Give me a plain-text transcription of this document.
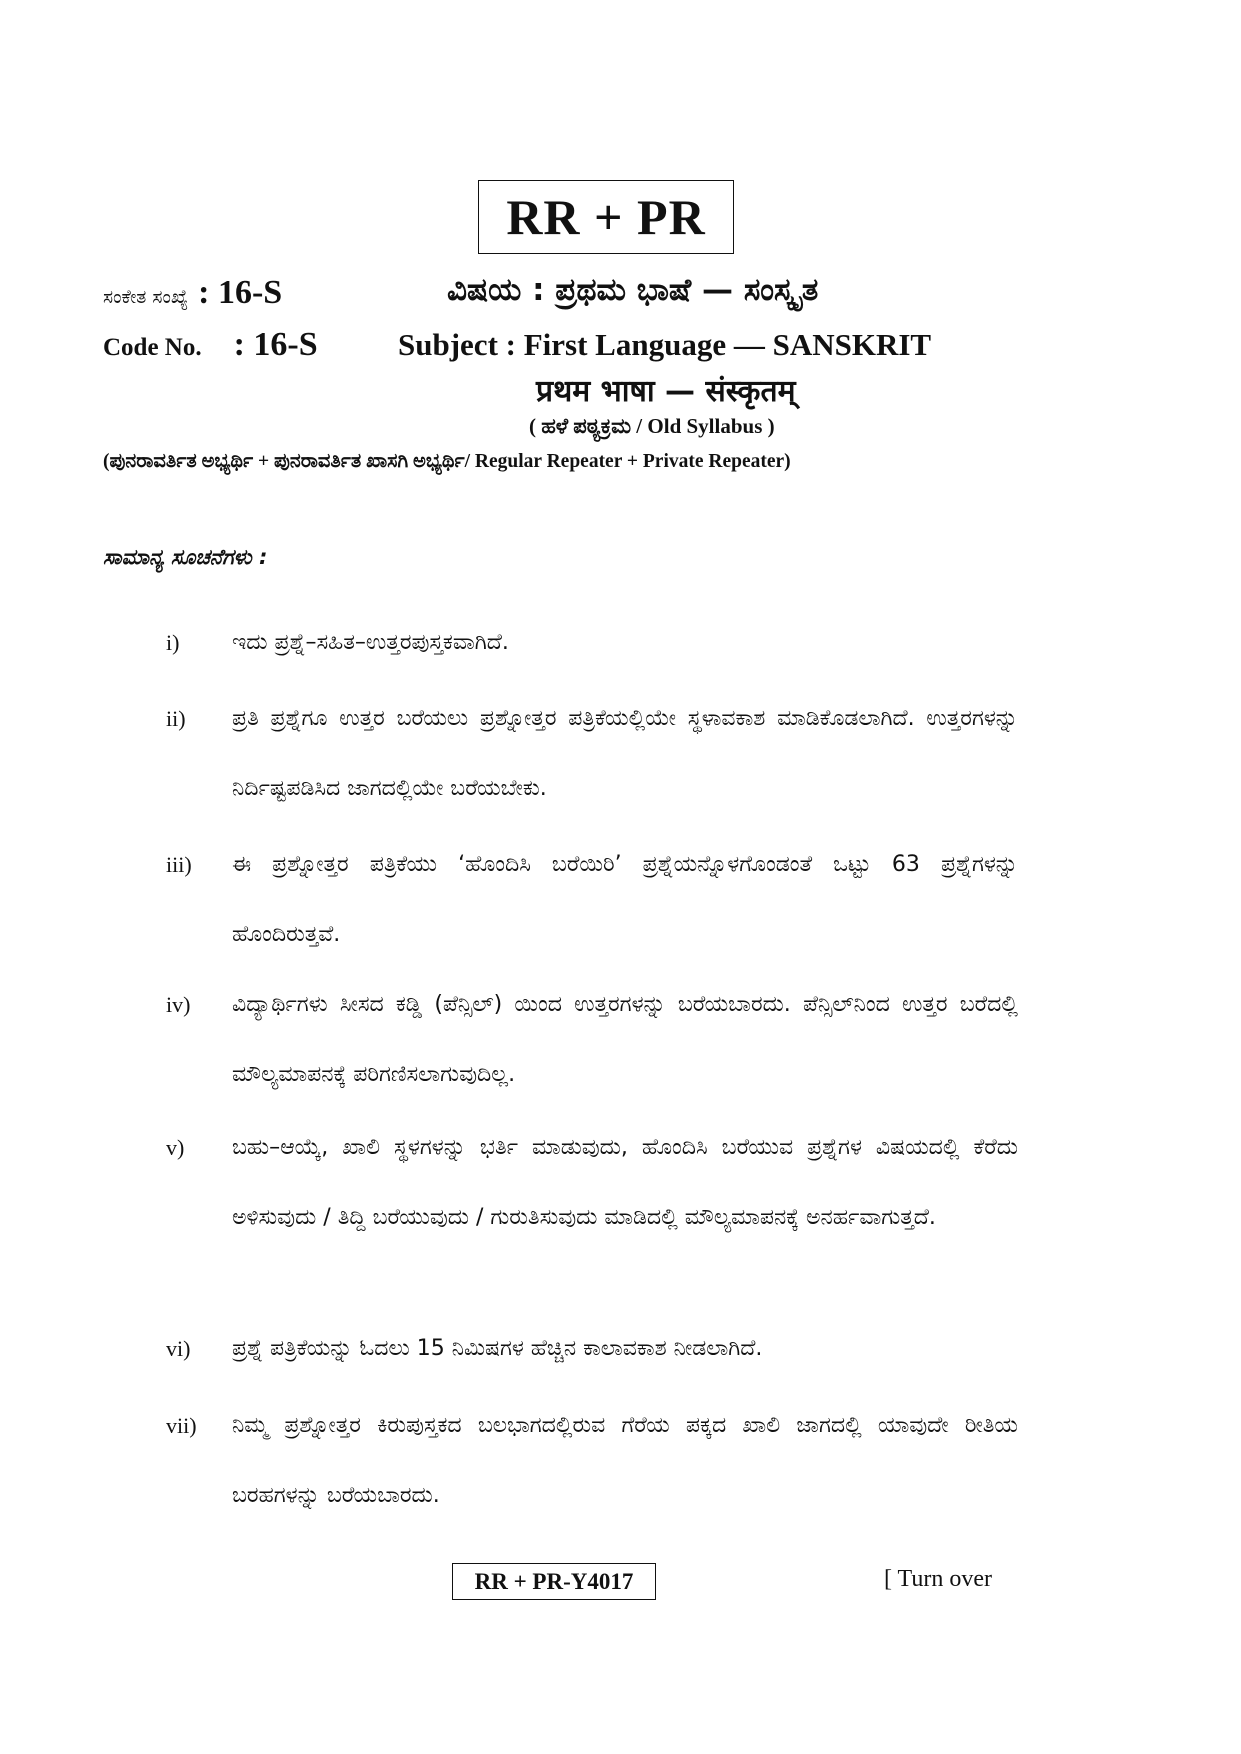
RR + PR
ಸಂಕೇತ ಸಂಖ್ಯೆ : 16-S	ವಿಷಯ : ಪ್ರಥಮ ಭಾಷೆ — ಸಂಸ್ಕೃತ
Code No. : 16-S	Subject : First Language — SANSKRIT
प्रथम भाषा — संस्कृतम्
( ಹಳೆ ಪಠ್ಯಕ್ರಮ / Old Syllabus )
(ಪುನರಾವರ್ತಿತ ಅಭ್ಯರ್ಥಿ + ಪುನರಾವರ್ತಿತ ಖಾಸಗಿ ಅಭ್ಯರ್ಥಿ/ Regular Repeater + Private Repeater)
ಸಾಮಾನ್ಯ ಸೂಚನೆಗಳು :
i) ಇದು ಪ್ರಶ್ನೆ–ಸಹಿತ–ಉತ್ತರಪುಸ್ತಕವಾಗಿದೆ.
ii) ಪ್ರತಿ ಪ್ರಶ್ನೆಗೂ ಉತ್ತರ ಬರೆಯಲು ಪ್ರಶ್ನೋತ್ತರ ಪತ್ರಿಕೆಯಲ್ಲಿಯೇ ಸ್ಥಳಾವಕಾಶ ಮಾಡಿಕೊಡಲಾಗಿದೆ. ಉತ್ತರಗಳನ್ನು ನಿರ್ದಿಷ್ಟಪಡಿಸಿದ ಜಾಗದಲ್ಲಿಯೇ ಬರೆಯಬೇಕು.
iii) ಈ ಪ್ರಶ್ನೋತ್ತರ ಪತ್ರಿಕೆಯು ‘ಹೊಂದಿಸಿ ಬರೆಯಿರಿ’ ಪ್ರಶ್ನೆಯನ್ನೊಳಗೊಂಡಂತೆ ಒಟ್ಟು 63 ಪ್ರಶ್ನೆಗಳನ್ನು ಹೊಂದಿರುತ್ತವೆ.
iv) ವಿದ್ಯಾರ್ಥಿಗಳು ಸೀಸದ ಕಡ್ಡಿ (ಪೆನ್ಸಿಲ್) ಯಿಂದ ಉತ್ತರಗಳನ್ನು ಬರೆಯಬಾರದು. ಪೆನ್ಸಿಲ್‌ನಿಂದ ಉತ್ತರ ಬರೆದಲ್ಲಿ ಮೌಲ್ಯಮಾಪನಕ್ಕೆ ಪರಿಗಣಿಸಲಾಗುವುದಿಲ್ಲ.
v) ಬಹು–ಆಯ್ಕೆ, ಖಾಲಿ ಸ್ಥಳಗಳನ್ನು ಭರ್ತಿ ಮಾಡುವುದು, ಹೊಂದಿಸಿ ಬರೆಯುವ ಪ್ರಶ್ನೆಗಳ ವಿಷಯದಲ್ಲಿ ಕೆರೆದು ಅಳಿಸುವುದು / ತಿದ್ದಿ ಬರೆಯುವುದು / ಗುರುತಿಸುವುದು ಮಾಡಿದಲ್ಲಿ ಮೌಲ್ಯಮಾಪನಕ್ಕೆ ಅನರ್ಹವಾಗುತ್ತದೆ.
vi) ಪ್ರಶ್ನೆ ಪತ್ರಿಕೆಯನ್ನು ಓದಲು 15 ನಿಮಿಷಗಳ ಹೆಚ್ಚಿನ ಕಾಲಾವಕಾಶ ನೀಡಲಾಗಿದೆ.
vii) ನಿಮ್ಮ ಪ್ರಶ್ನೋತ್ತರ ಕಿರುಪುಸ್ತಕದ ಬಲಭಾಗದಲ್ಲಿರುವ ಗೆರೆಯ ಪಕ್ಕದ ಖಾಲಿ ಜಾಗದಲ್ಲಿ ಯಾವುದೇ ರೀತಿಯ ಬರಹಗಳನ್ನು ಬರೆಯಬಾರದು.
RR + PR-Y4017	[ Turn over
